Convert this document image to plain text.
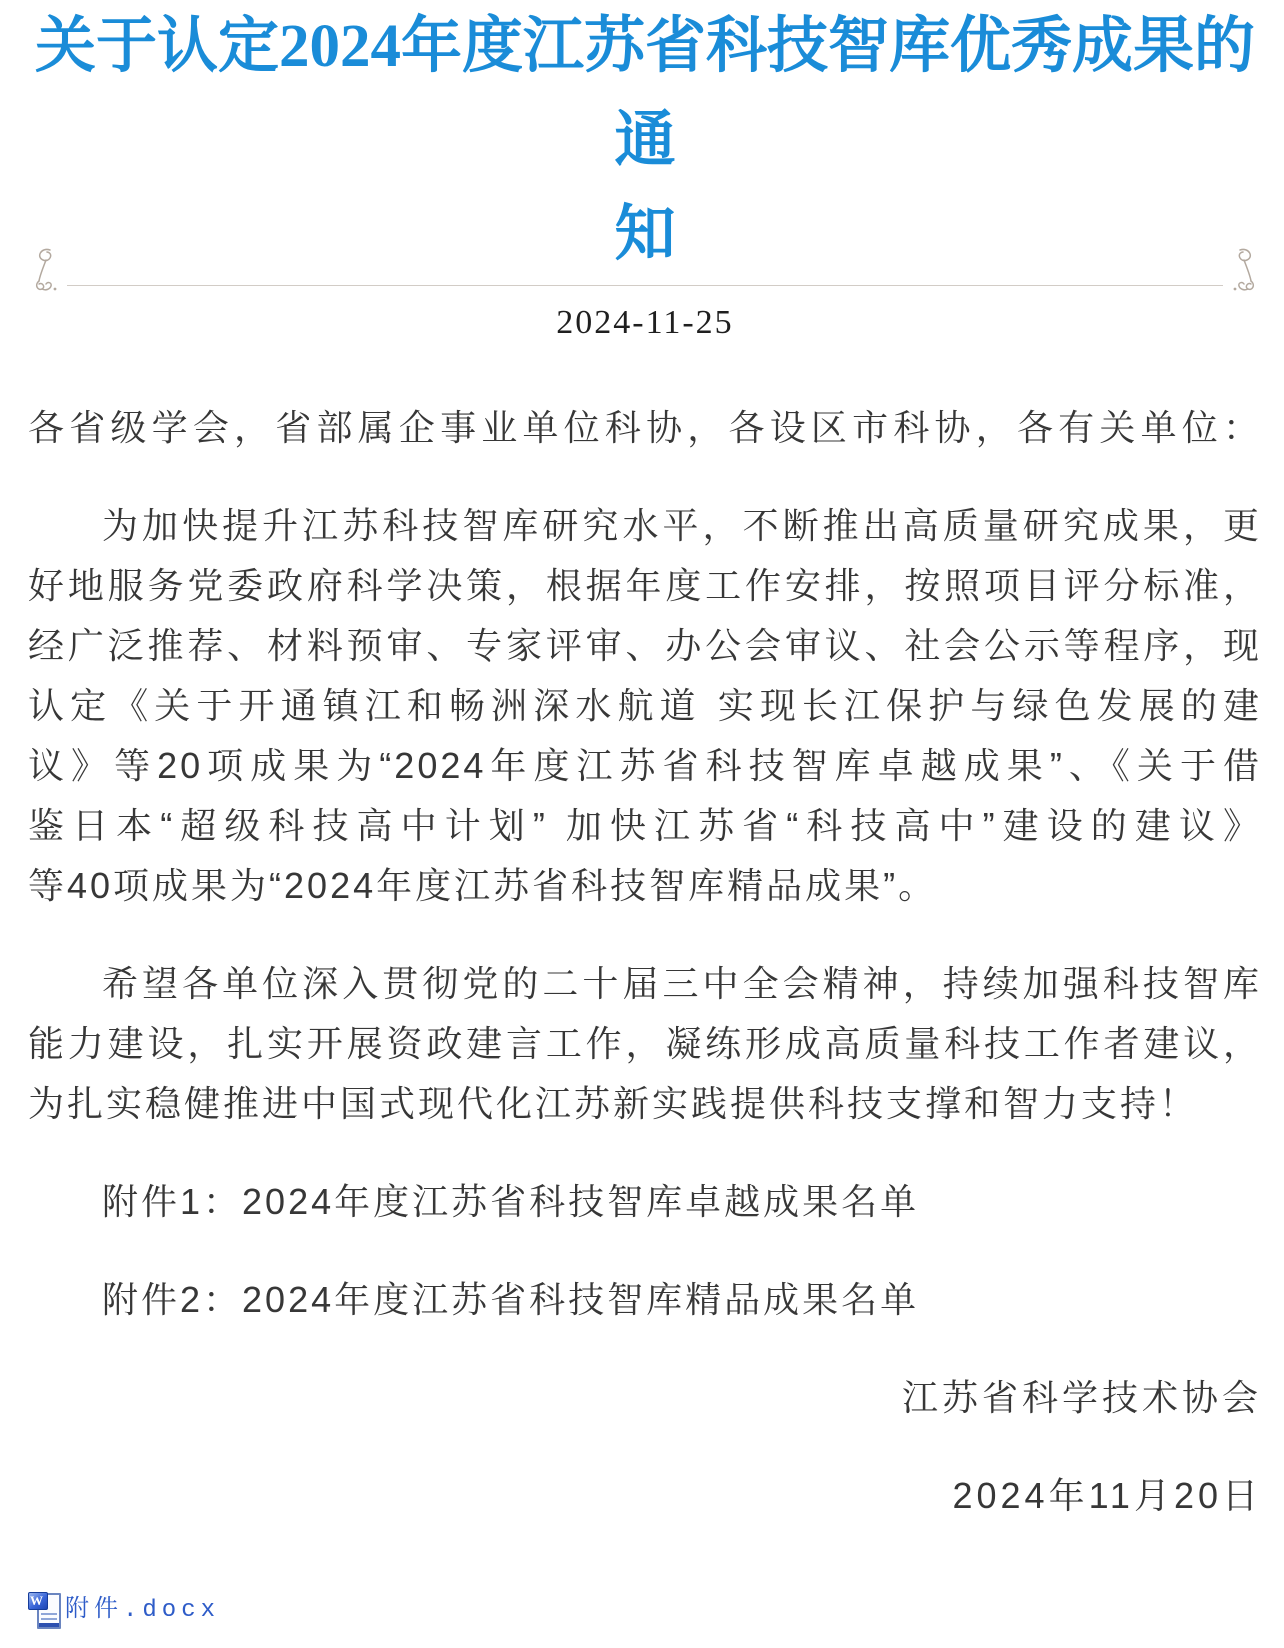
关于认定2024年度江苏省科技智库优秀成果的通
知
2024-11-25

各省级学会，省部属企事业单位科协，各设区市科协，各有关单位：

为加快提升江苏科技智库研究水平，不断推出高质量研究成果，更
好地服务党委政府科学决策，根据年度工作安排，按照项目评分标准，
经广泛推荐、材料预审、专家评审、办公会审议、社会公示等程序，现
认定《关于开通镇江和畅洲深水航道 实现长江保护与绿色发展的建
议》等20项成果为“2024年度江苏省科技智库卓越成果”、《关于借
鉴日本“超级科技高中计划” 加快江苏省“科技高中”建设的建议》
等40项成果为“2024年度江苏省科技智库精品成果”。

希望各单位深入贯彻党的二十届三中全会精神，持续加强科技智库
能力建设，扎实开展资政建言工作，凝练形成高质量科技工作者建议，
为扎实稳健推进中国式现代化江苏新实践提供科技支撑和智力支持！

附件1：2024年度江苏省科技智库卓越成果名单

附件2：2024年度江苏省科技智库精品成果名单

江苏省科学技术协会

2024年11月20日

W 附件.docx
